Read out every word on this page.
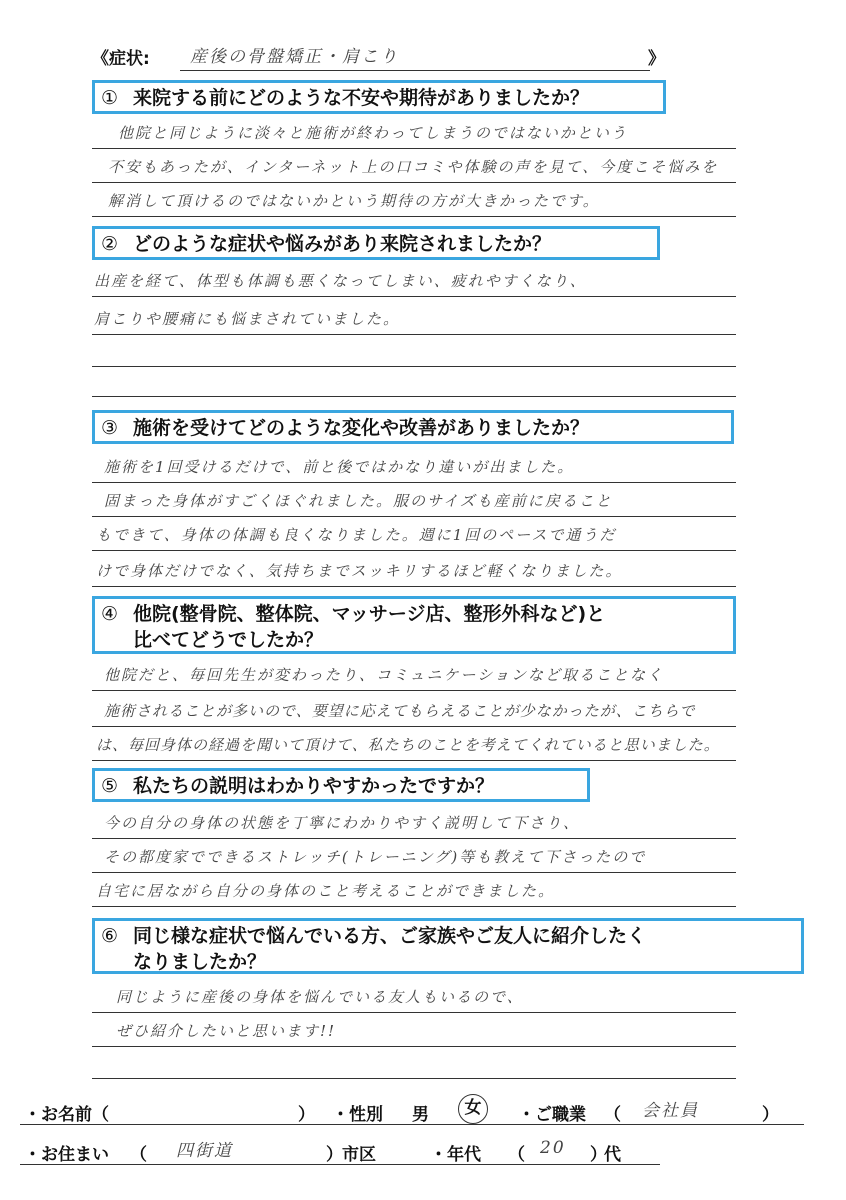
《症状: 産後の骨盤矯正・肩こり	》
① 来院する前にどのような不安や期待がありましたか？
他院と同じように淡々と施術が終わってしまうのではないかという
不安もあったが、インターネット上の口コミや体験の声を見て、今度こそ悩みを
解消して頂けるのではないかという期待の方が大きかったです。
② どのような症状や悩みがあり来院されましたか？
出産を経て、体型も体調も悪くなってしまい、疲れやすくなり、
肩こりや腰痛にも悩まされていました。
③ 施術を受けてどのような変化や改善がありましたか？
施術を1回受けるだけで、前と後ではかなり違いが出ました。
固まった身体がすごくほぐれました。服のサイズも産前に戻ること
もできて、身体の体調も良くなりました。週に1回のペースで通うだ
けで身体だけでなく、気持ちまでスッキリするほど軽くなりました。
④ 他院(整骨院、整体院、マッサージ店、整形外科など)と
比べてどうでしたか？
他院だと、毎回先生が変わったり、コミュニケーションなど取ることなく
施術されることが多いので、要望に応えてもらえることが少なかったが、こちらで
は、毎回身体の経過を聞いて頂けて、私たちのことを考えてくれていると思いました。
⑤ 私たちの説明はわかりやすかったですか？
今の自分の身体の状態を丁寧にわかりやすく説明して下さり、
その都度家でできるストレッチ(トレーニング)等も教えて下さったので
自宅に居ながら自分の身体のこと考えることができました。
⑥ 同じ様な症状で悩んでいる方、ご家族やご友人に紹介したく
なりましたか？
同じように産後の身体を悩んでいる友人もいるので、
ぜひ紹介したいと思います!!
・お名前（	） ・性別 男	女	・ご職業 （ 会社員	）
・お住まい （ 四街道	） 市区	・年代 （ 20 ）
代
